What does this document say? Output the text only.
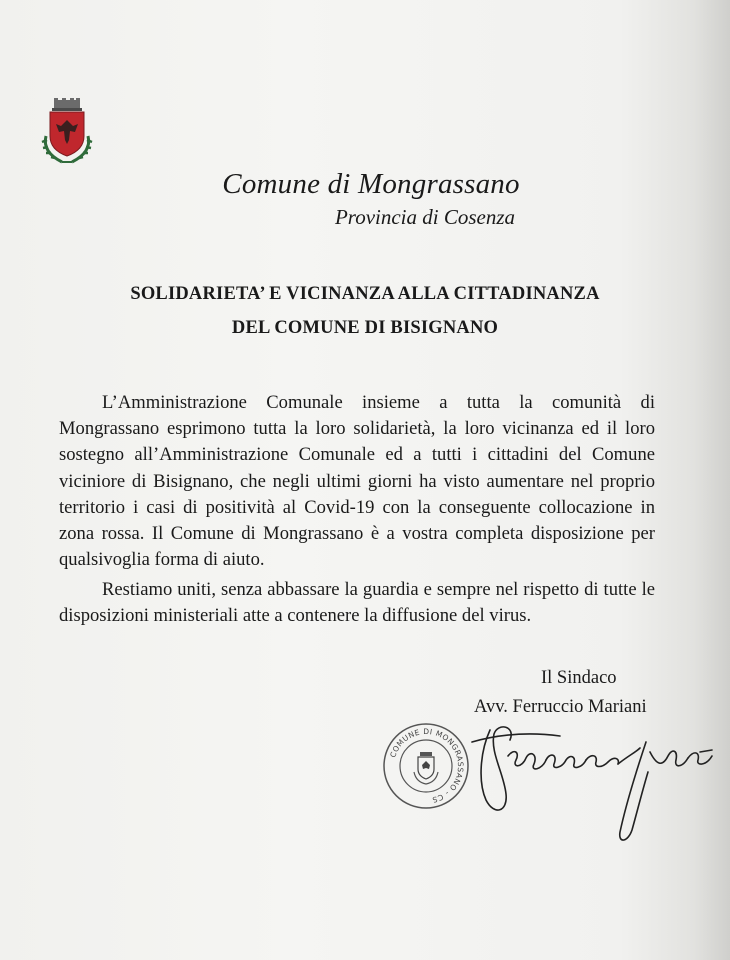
Comune di Mongrassano
Provincia di Cosenza
SOLIDARIETA’ E VICINANZA ALLA CITTADINANZA
DEL COMUNE DI BISIGNANO

L’Amministrazione Comunale insieme a tutta la comunità di Mongrassano esprimono tutta la loro solidarietà, la loro vicinanza ed il loro sostegno all’Amministrazione Comunale ed a tutti i cittadini del Comune viciniore di Bisignano, che negli ultimi giorni ha visto aumentare nel proprio territorio i casi di positività al Covid-19 con la conseguente collocazione in zona rossa. Il Comune di Mongrassano è a vostra completa disposizione per qualsivoglia forma di aiuto.

Restiamo uniti, senza abbassare la guardia e sempre nel rispetto di tutte le disposizioni ministeriali atte a contenere la diffusione del virus.

Il Sindaco
Avv. Ferruccio Mariani
COMUNE DI MONGRASSANO - CS
